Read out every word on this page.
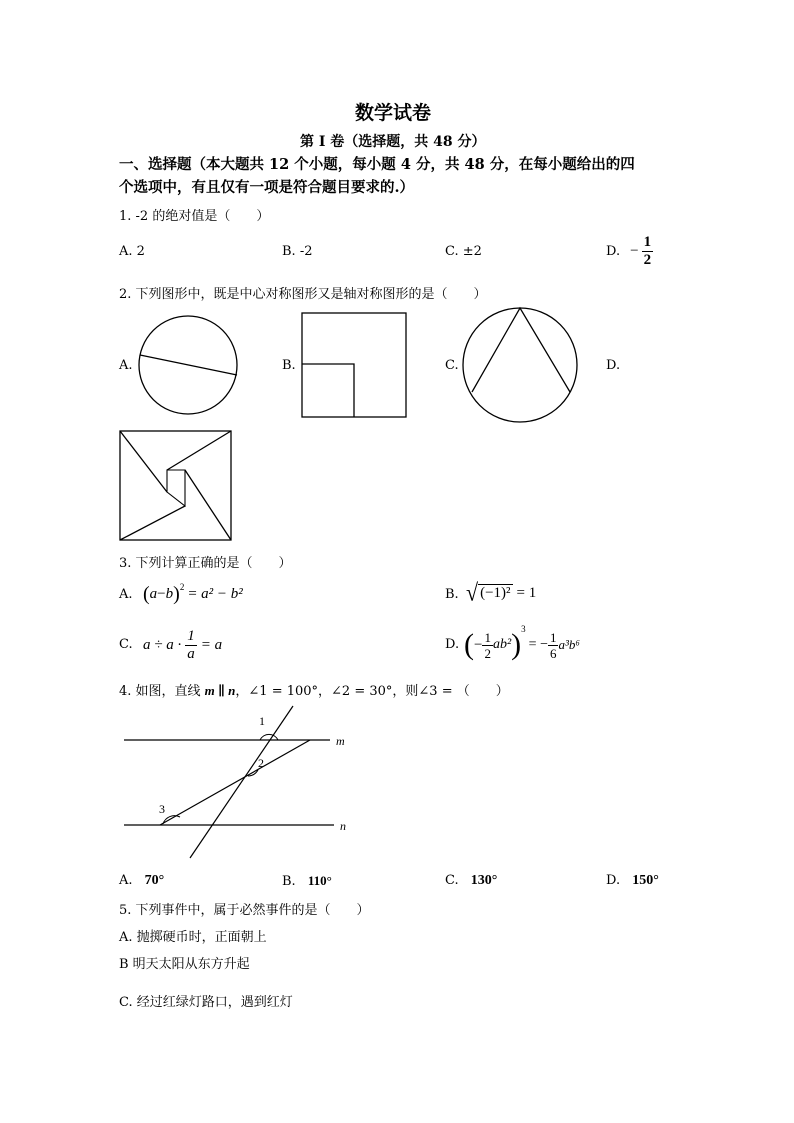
数学试卷
第 I 卷（选择题，共 48 分）
一、选择题（本大题共 12 个小题，每小题 4 分，共 48 分，在每小题给出的四
个选项中，有且仅有一项是符合题目要求的.）
1. -2 的绝对值是（　　）
A. 2	B. -2	C. ±2	D. − $\frac{1}{2}$
2. 下列图形中，既是中心对称图形又是轴对称图形的是（　　）
A.	B.	C.	D.
3. 下列计算正确的是（　　）
A. ( a − b )$^2$ = a² − b²	B. √ (−1)² = 1
C. $a \div a \cdot \frac{1}{a} = a$	D. ( − $\frac{1}{2} ab^2$ )$^3$
= − $\frac{1}{6} a^3b^6$
4. 如图，直线 m ∥ n，∠1 = 100°，∠2 = 30°，则∠3 = （　　）
1
2
3
m
n
A. 70°	B. 110°	C. 130°	D. 150°
5. 下列事件中，属于必然事件的是（　　）
A. 抛掷硬币时，正面朝上
B 明天太阳从东方升起
C. 经过红绿灯路口，遇到红灯
